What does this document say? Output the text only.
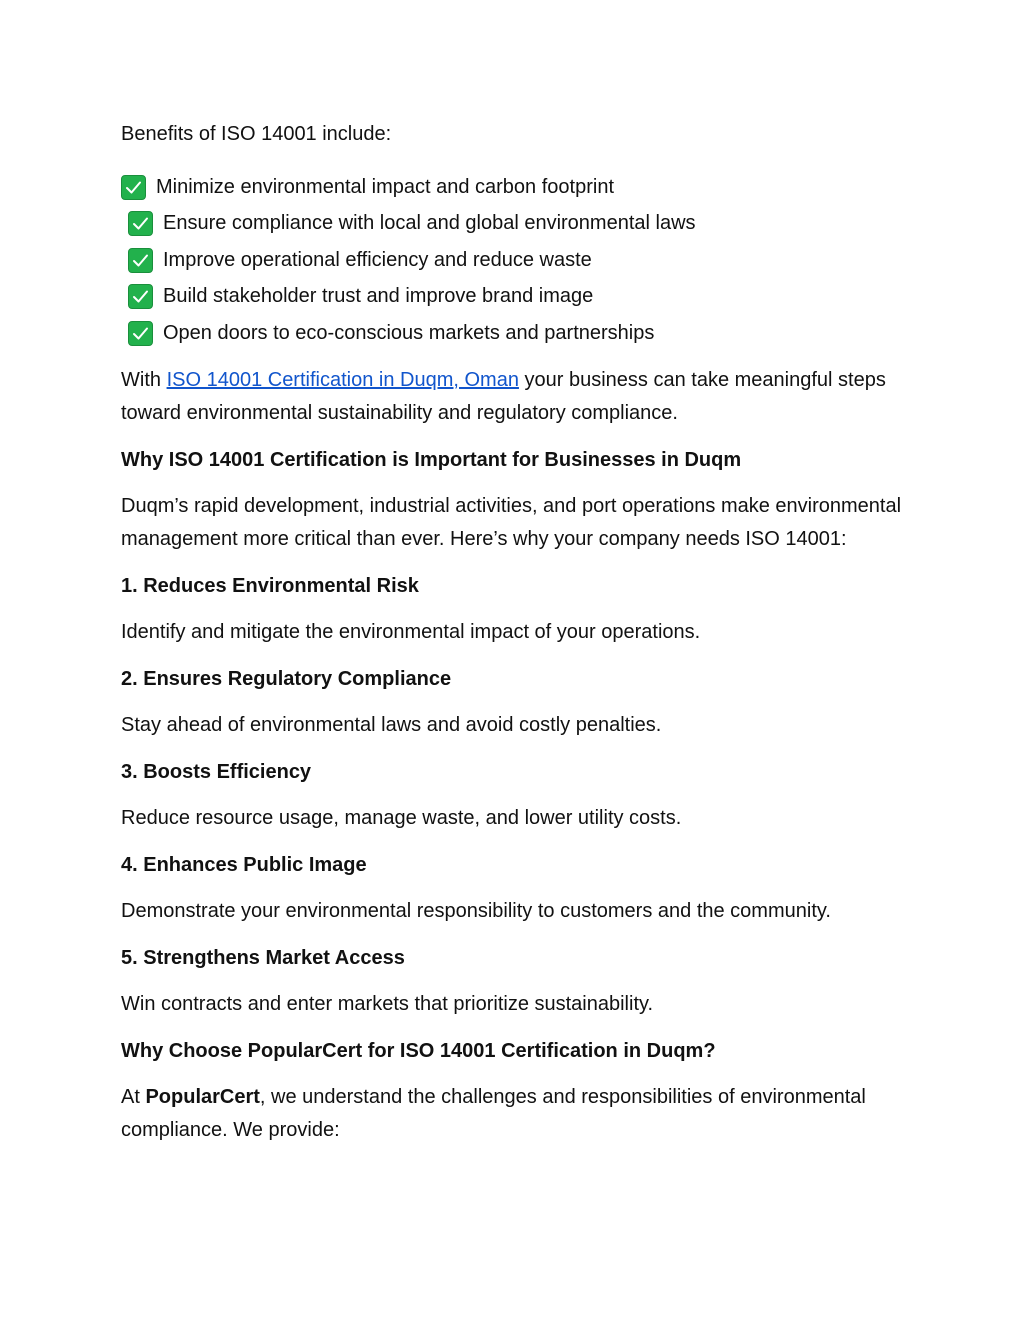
Benefits of ISO 14001 include:

Minimize environmental impact and carbon footprint
Ensure compliance with local and global environmental laws
Improve operational efficiency and reduce waste
Build stakeholder trust and improve brand image
Open doors to eco-conscious markets and partnerships

With ISO 14001 Certification in Duqm, Oman your business can take meaningful steps toward environmental sustainability and regulatory compliance.

Why ISO 14001 Certification is Important for Businesses in Duqm

Duqm’s rapid development, industrial activities, and port operations make environmental management more critical than ever. Here’s why your company needs ISO 14001:

1. Reduces Environmental Risk

Identify and mitigate the environmental impact of your operations.

2. Ensures Regulatory Compliance

Stay ahead of environmental laws and avoid costly penalties.

3. Boosts Efficiency

Reduce resource usage, manage waste, and lower utility costs.

4. Enhances Public Image

Demonstrate your environmental responsibility to customers and the community.

5. Strengthens Market Access

Win contracts and enter markets that prioritize sustainability.

Why Choose PopularCert for ISO 14001 Certification in Duqm?

At PopularCert, we understand the challenges and responsibilities of environmental compliance. We provide:
